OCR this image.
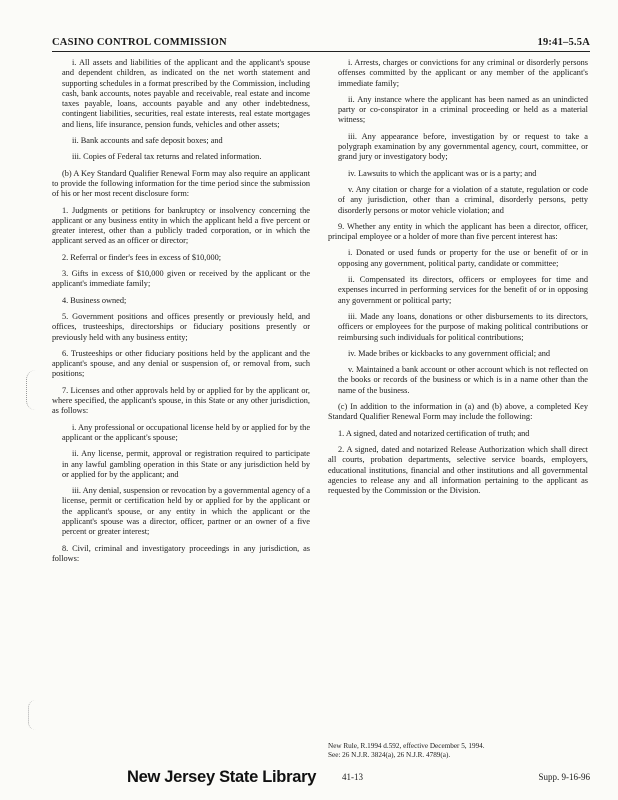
CASINO CONTROL COMMISSION	19:41–5.5A

i. All assets and liabilities of the applicant and the applicant's spouse and dependent children, as indicated on the net worth statement and supporting schedules in a format prescribed by the Commission, including cash, bank accounts, notes payable and receivable, real estate and income taxes payable, loans, accounts payable and any other indebtedness, contingent liabilities, securities, real estate interests, real estate mortgages and liens, life insurance, pension funds, vehicles and other assets;

ii. Bank accounts and safe deposit boxes; and

iii. Copies of Federal tax returns and related information.

(b) A Key Standard Qualifier Renewal Form may also require an applicant to provide the following information for the time period since the submission of his or her most recent disclosure form:

1. Judgments or petitions for bankruptcy or insolvency concerning the applicant or any business entity in which the applicant held a five percent or greater interest, other than a publicly traded corporation, or in which the applicant served as an officer or director;

2. Referral or finder's fees in excess of $10,000;

3. Gifts in excess of $10,000 given or received by the applicant or the applicant's immediate family;

4. Business owned;

5. Government positions and offices presently or previously held, and offices, trusteeships, directorships or fiduciary positions presently or previously held with any business entity;

6. Trusteeships or other fiduciary positions held by the applicant and the applicant's spouse, and any denial or suspension of, or removal from, such positions;

7. Licenses and other approvals held by or applied for by the applicant or, where specified, the applicant's spouse, in this State or any other jurisdiction, as follows:

i. Any professional or occupational license held by or applied for by the applicant or the applicant's spouse;

ii. Any license, permit, approval or registration required to participate in any lawful gambling operation in this State or any jurisdiction held by or applied for by the applicant; and

iii. Any denial, suspension or revocation by a governmental agency of a license, permit or certification held by or applied for by the applicant or the applicant's spouse, or any entity in which the applicant or the applicant's spouse was a director, officer, partner or an owner of a five percent or greater interest;

8. Civil, criminal and investigatory proceedings in any jurisdiction, as follows:

i. Arrests, charges or convictions for any criminal or disorderly persons offenses committed by the applicant or any member of the applicant's immediate family;

ii. Any instance where the applicant has been named as an unindicted party or co-conspirator in a criminal proceeding or held as a material witness;

iii. Any appearance before, investigation by or request to take a polygraph examination by any governmental agency, court, committee, or grand jury or investigatory body;

iv. Lawsuits to which the applicant was or is a party; and

v. Any citation or charge for a violation of a statute, regulation or code of any jurisdiction, other than a criminal, disorderly persons, petty disorderly persons or motor vehicle violation; and

9. Whether any entity in which the applicant has been a director, officer, principal employee or a holder of more than five percent interest has:

i. Donated or used funds or property for the use or benefit of or in opposing any government, political party, candidate or committee;

ii. Compensated its directors, officers or employees for time and expenses incurred in performing services for the benefit of or in opposing any government or political party;

iii. Made any loans, donations or other disbursements to its directors, officers or employees for the purpose of making political contributions or reimbursing such individuals for political contributions;

iv. Made bribes or kickbacks to any government official; and

v. Maintained a bank account or other account which is not reflected on the books or records of the business or which is in a name other than the name of the business.

(c) In addition to the information in (a) and (b) above, a completed Key Standard Qualifier Renewal Form may include the following:

1. A signed, dated and notarized certification of truth; and

2. A signed, dated and notarized Release Authorization which shall direct all courts, probation departments, selective service boards, employers, educational institutions, financial and other institutions and all governmental agencies to release any and all information pertaining to the applicant as requested by the Commission or the Division.

New Rule, R.1994 d.592, effective December 5, 1994.
See: 26 N.J.R. 3824(a), 26 N.J.R. 4789(a).
New Jersey State Library	41-13	Supp. 9-16-96
